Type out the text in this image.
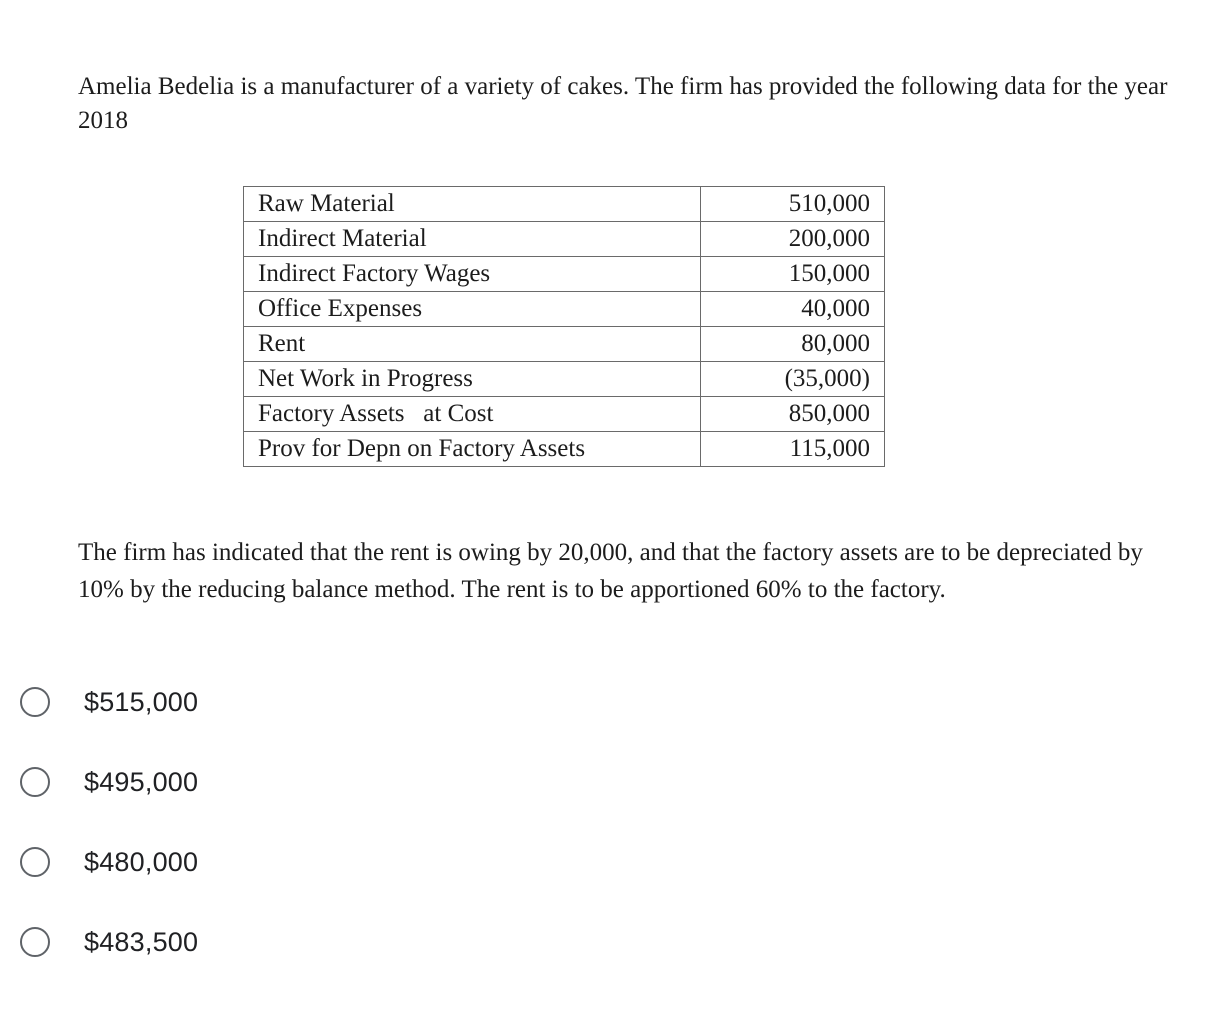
Amelia Bedelia is a manufacturer of a variety of cakes. The firm has provided the following data for the year 2018

Raw Material	510,000
Indirect Material	200,000
Indirect Factory Wages	150,000
Office Expenses	40,000
Rent	80,000
Net Work in Progress	(35,000)
Factory Assets   at Cost	850,000
Prov for Depn on Factory Assets	115,000

The firm has indicated that the rent is owing by 20,000, and that the factory assets are to be depreciated by 10% by the reducing balance method. The rent is to be apportioned 60% to the factory.

$515,000
$495,000
$480,000
$483,500
